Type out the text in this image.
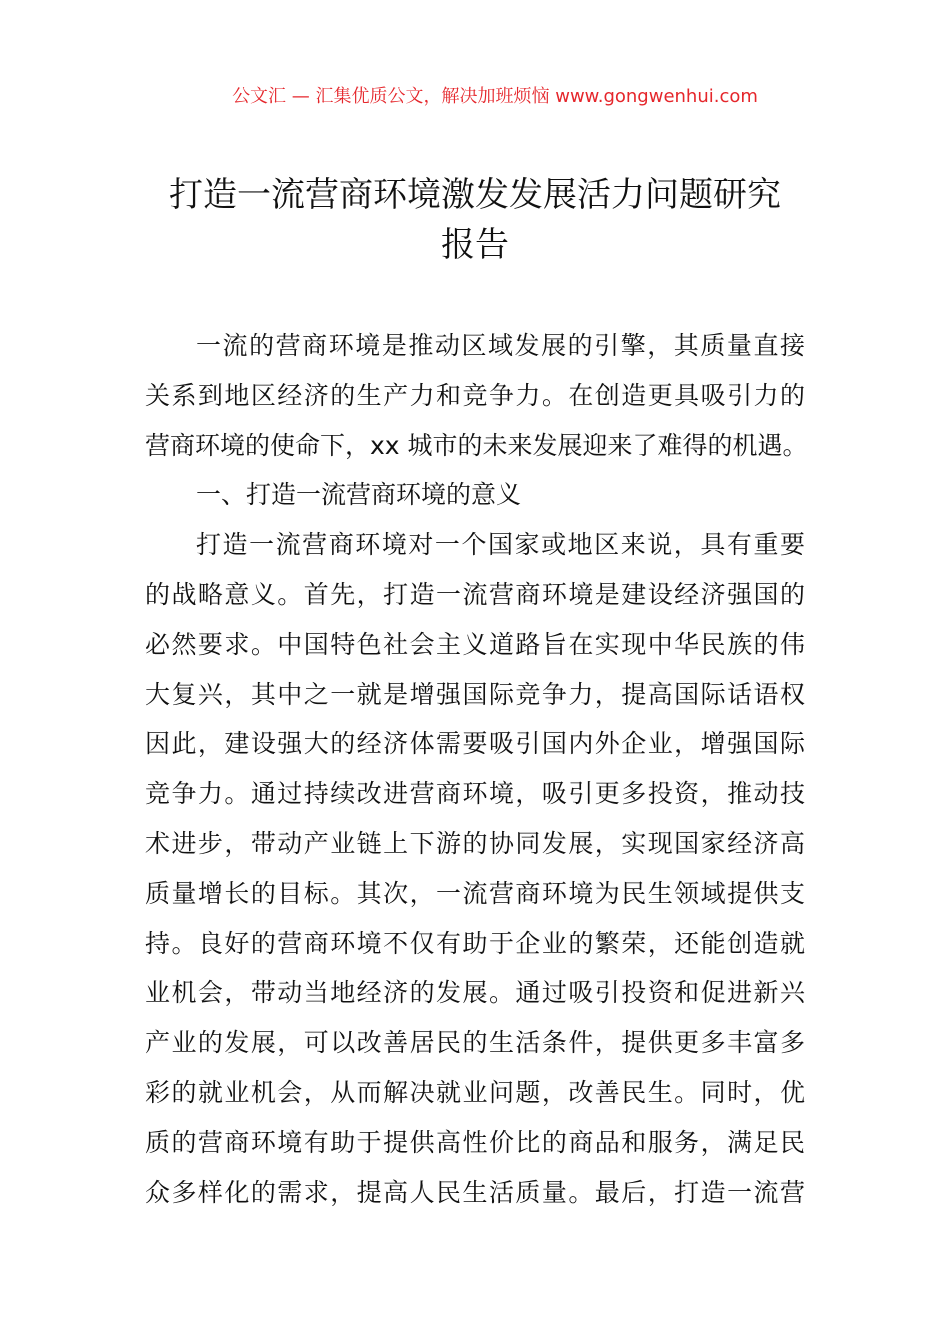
公文汇 — 汇集优质公文，解决加班烦恼 www.gongwenhui.com
打造一流营商环境激发发展活力问题研究
报告
一流的营商环境是推动区域发展的引擎，其质量直接
关系到地区经济的生产力和竞争力。在创造更具吸引力的
营商环境的使命下，xx 城市的未来发展迎来了难得的机遇。
一、打造一流营商环境的意义
打造一流营商环境对一个国家或地区来说，具有重要
的战略意义。首先，打造一流营商环境是建设经济强国的
必然要求。中国特色社会主义道路旨在实现中华民族的伟
大复兴，其中之一就是增强国际竞争力，提高国际话语权
因此，建设强大的经济体需要吸引国内外企业，增强国际
竞争力。通过持续改进营商环境，吸引更多投资，推动技
术进步，带动产业链上下游的协同发展，实现国家经济高
质量增长的目标。其次，一流营商环境为民生领域提供支
持。良好的营商环境不仅有助于企业的繁荣，还能创造就
业机会，带动当地经济的发展。通过吸引投资和促进新兴
产业的发展，可以改善居民的生活条件，提供更多丰富多
彩的就业机会，从而解决就业问题，改善民生。同时，优
质的营商环境有助于提供高性价比的商品和服务，满足民
众多样化的需求，提高人民生活质量。最后，打造一流营
